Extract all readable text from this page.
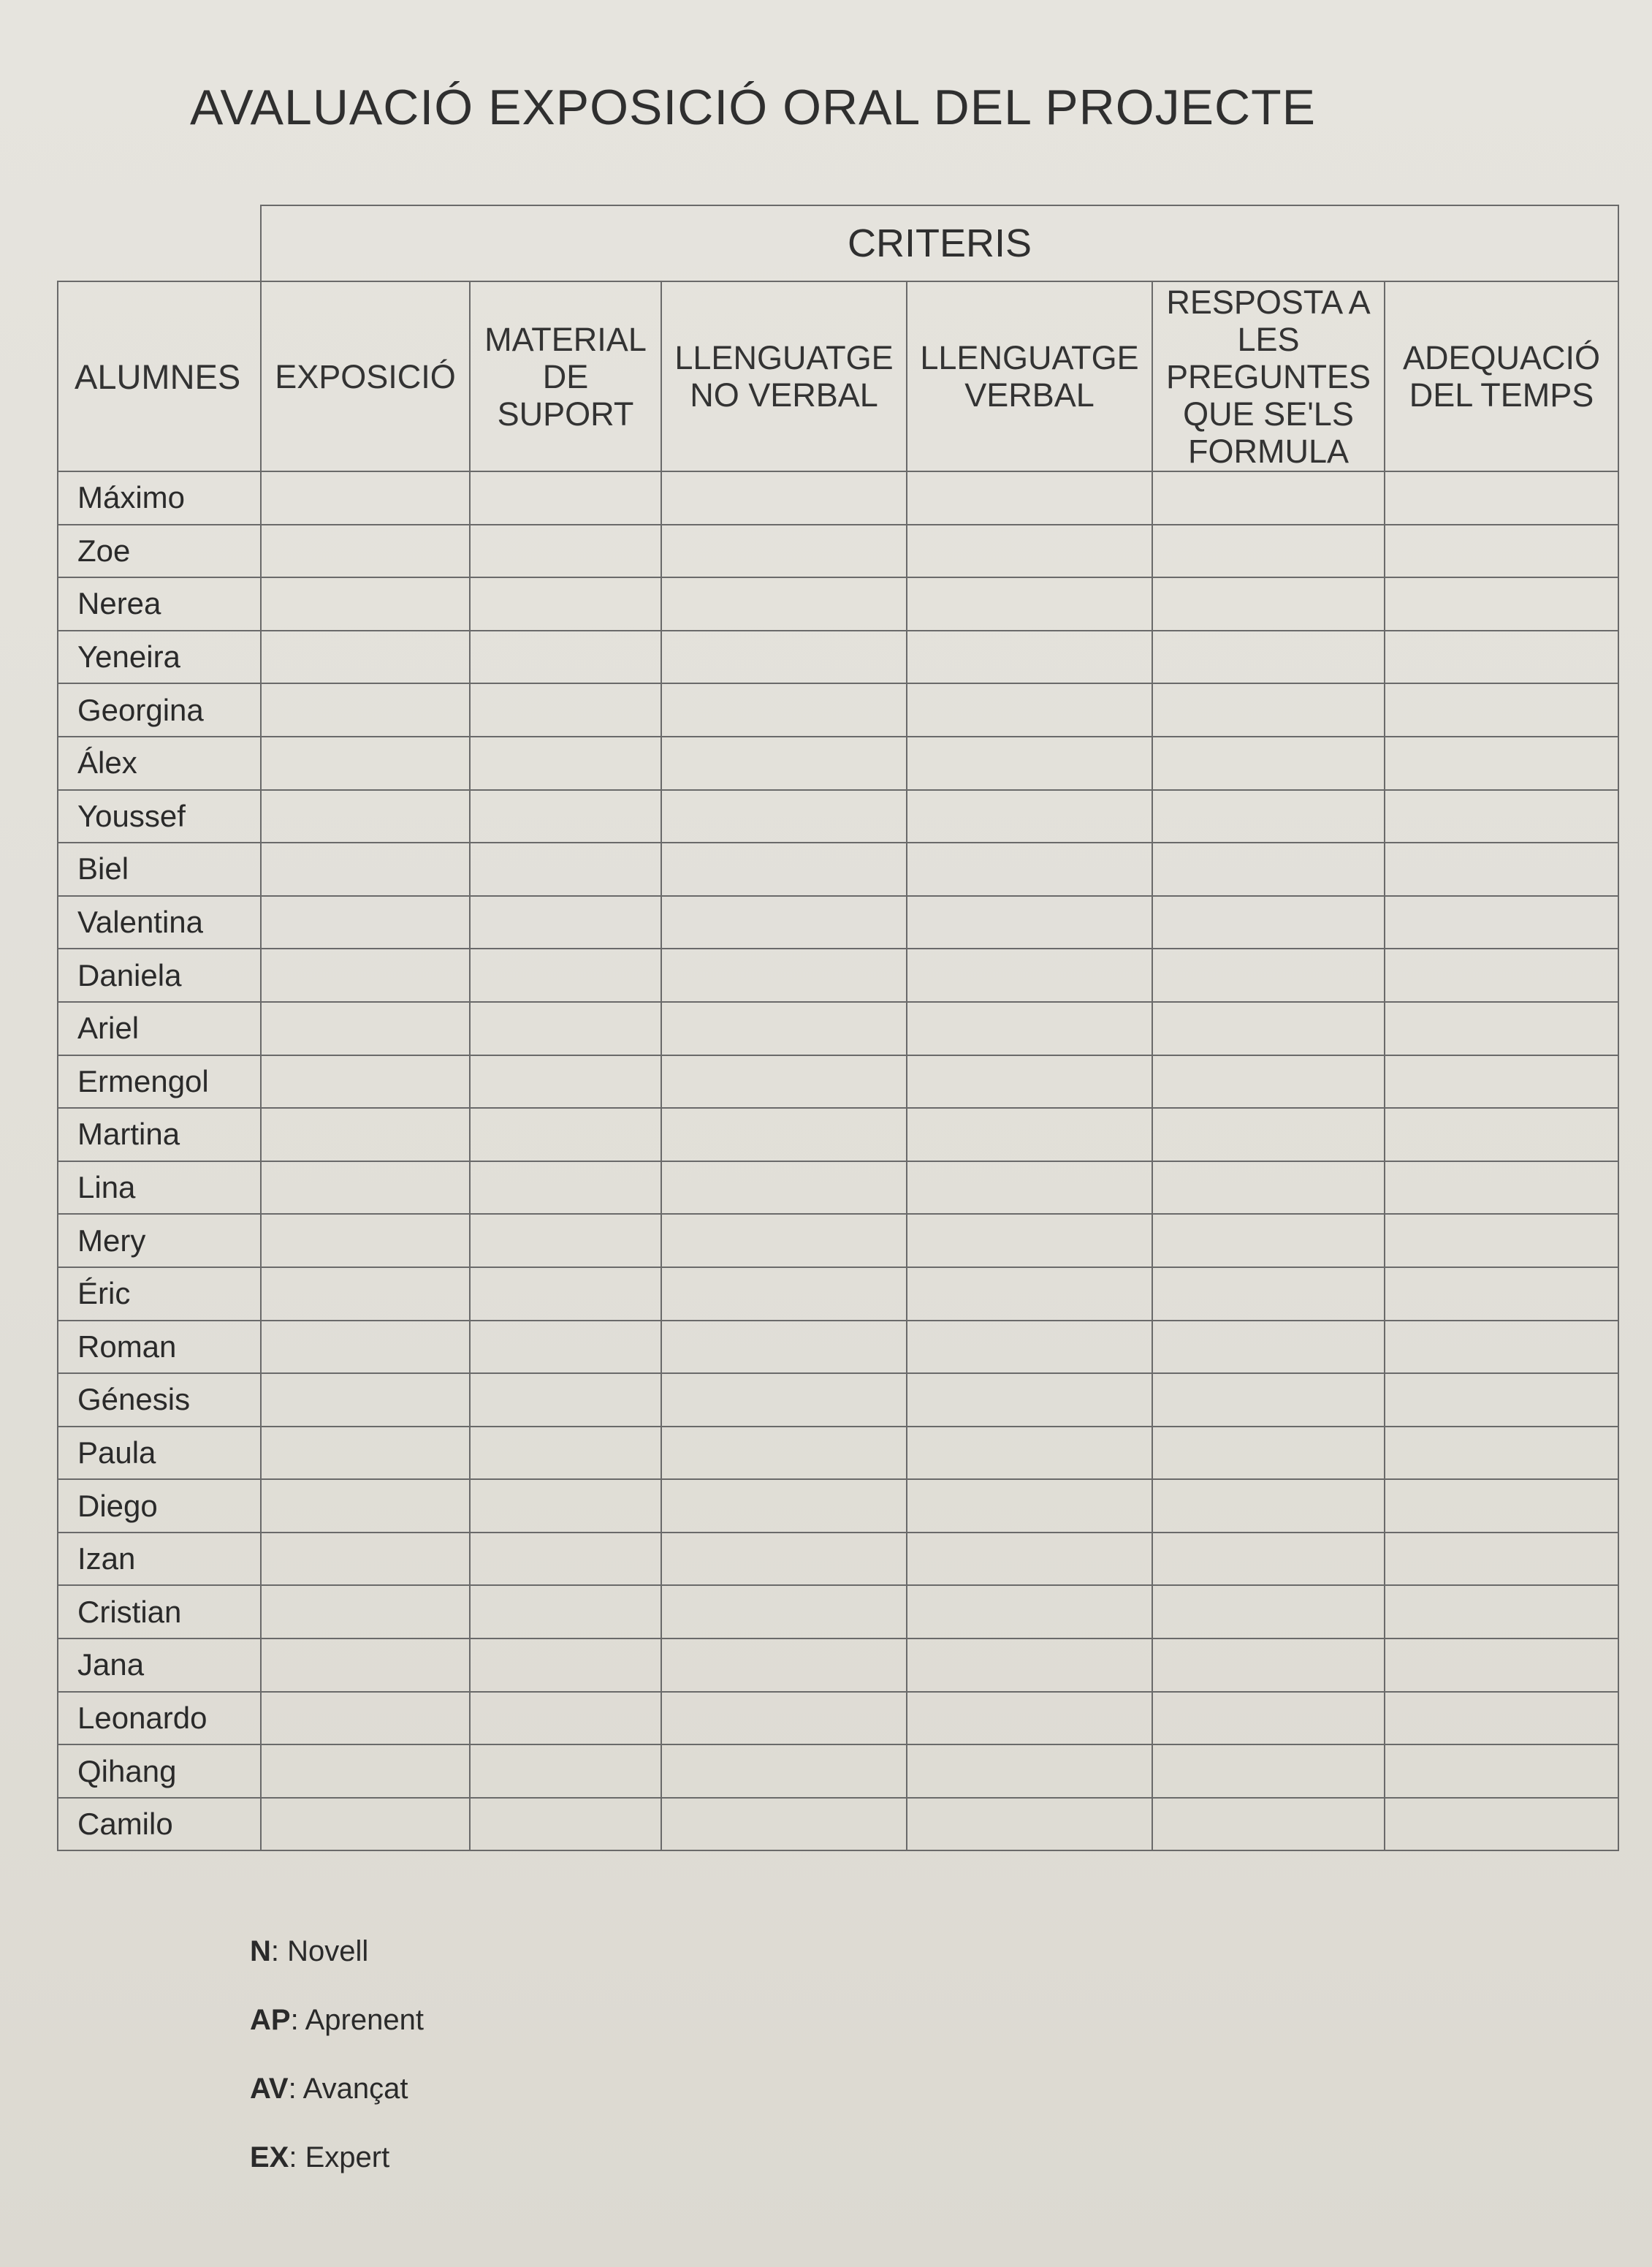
AVALUACIÓ EXPOSICIÓ ORAL DEL PROJECTE
	CRITERIS					
ALUMNES	EXPOSICIÓ	MATERIAL DE SUPORT	LLENGUATGE NO VERBAL	LLENGUATGE VERBAL	RESPOSTA A LES PREGUNTES QUE SE'LS FORMULA	ADEQUACIÓ DEL TEMPS
Máximo						
Zoe						
Nerea						
Yeneira						
Georgina						
Álex						
Youssef						
Biel						
Valentina						
Daniela						
Ariel						
Ermengol						
Martina						
Lina						
Mery						
Éric						
Roman						
Génesis						
Paula						
Diego						
Izan						
Cristian						
Jana						
Leonardo						
Qihang						
Camilo						
N: Novell
AP: Aprenent
AV: Avançat
EX: Expert
